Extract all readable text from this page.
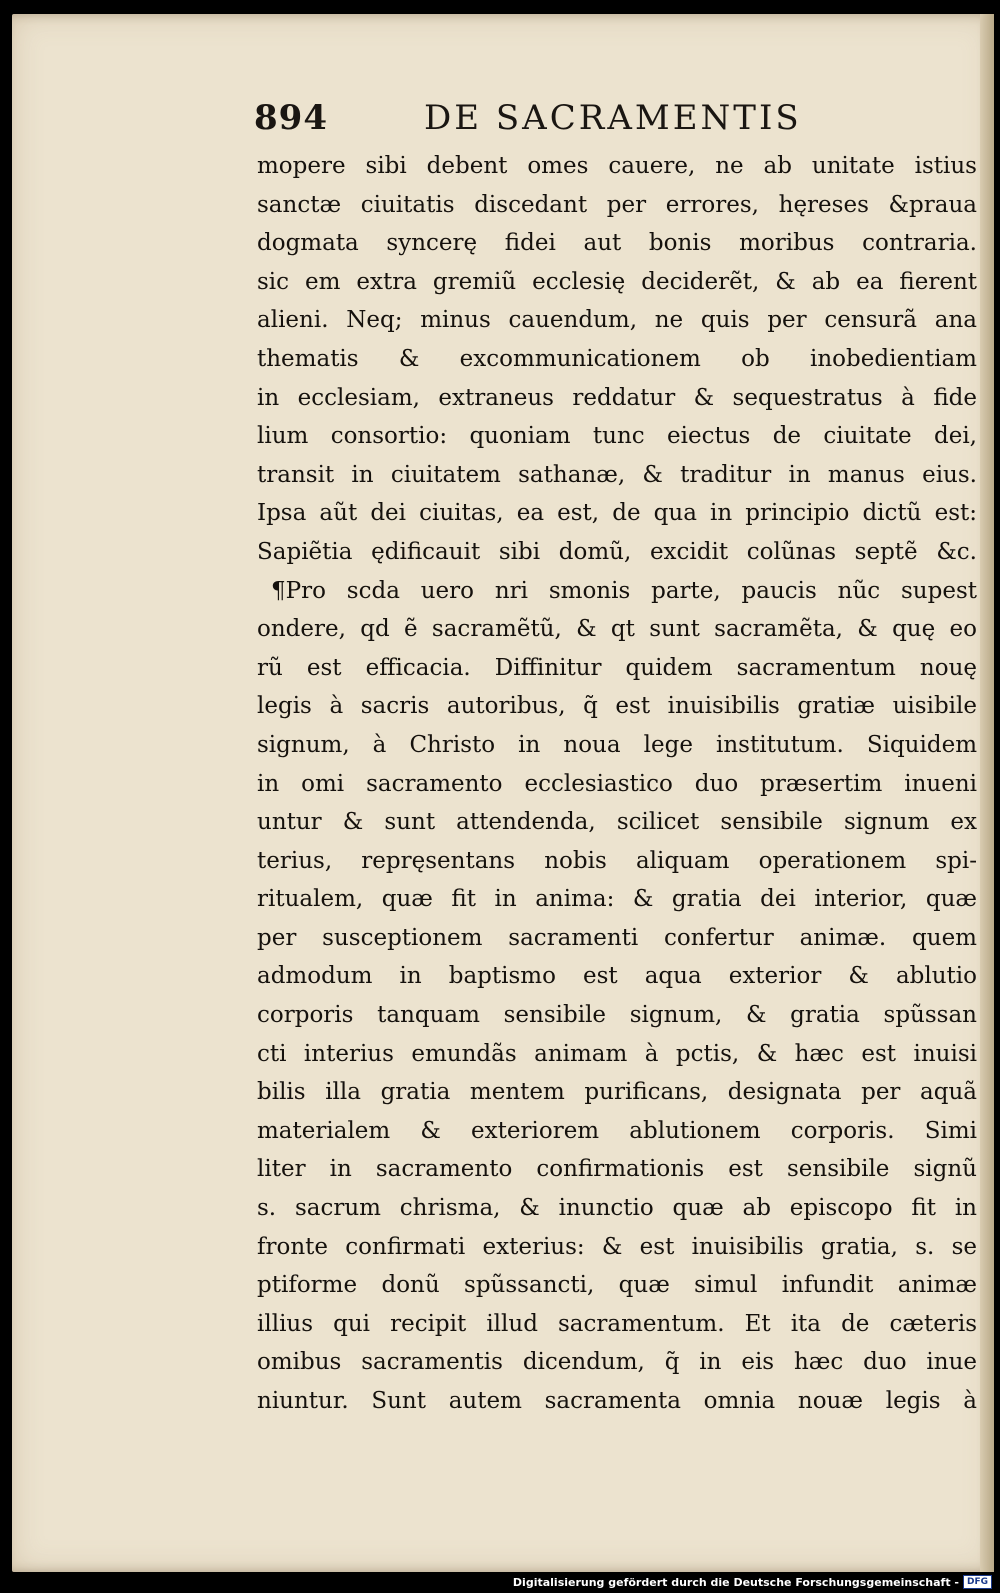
894	DE SACRAMENTIS
mopere sibi debent omes cauere, ne ab unitate istius
sanctæ ciuitatis discedant per errores, hęreses &praua
dogmata syncerę fidei aut bonis moribus contraria.
sic em extra gremiũ ecclesię deciderẽt, & ab ea fierent
alieni. Neq; minus cauendum, ne quis per censurã ana
thematis & excommunicationem ob inobedientiam
in ecclesiam, extraneus reddatur & sequestratus à fide
lium consortio: quoniam tunc eiectus de ciuitate dei,
transit in ciuitatem sathanæ, & traditur in manus eius.
Ipsa aũt dei ciuitas, ea est, de qua in principio dictũ est:
Sapiẽtia ędificauit sibi domũ, excidit colũnas septẽ &c.
¶Pro scda uero nri smonis parte, paucis nũc supest
ondere, qd ẽ sacramẽtũ, & qt sunt sacramẽta, & quę eo
rũ est efficacia. Diffinitur quidem sacramentum nouę
legis à sacris autoribus, q̃ est inuisibilis gratiæ uisibile
signum, à Christo in noua lege institutum. Siquidem
in omi sacramento ecclesiastico duo præsertim inueni
untur & sunt attendenda, scilicet sensibile signum ex
terius, repręsentans nobis aliquam operationem spi-
ritualem, quæ fit in anima: & gratia dei interior, quæ
per susceptionem sacramenti confertur animæ. quem
admodum in baptismo est aqua exterior & ablutio
corporis tanquam sensibile signum, & gratia spũssan
cti interius emundãs animam à pctis, & hæc est inuisi
bilis illa gratia mentem purificans, designata per aquã
materialem & exteriorem ablutionem corporis. Simi
liter in sacramento confirmationis est sensibile signũ
s. sacrum chrisma, & inunctio quæ ab episcopo fit in
fronte confirmati exterius: & est inuisibilis gratia, s. se
ptiforme donũ spũssancti, quæ simul infundit animæ
illius qui recipit illud sacramentum. Et ita de cæteris
omibus sacramentis dicendum, q̃ in eis hæc duo inue
niuntur. Sunt autem sacramenta omnia nouæ legis à
Digitalisierung gefördert durch die Deutsche Forschungsgemeinschaft - DFG
